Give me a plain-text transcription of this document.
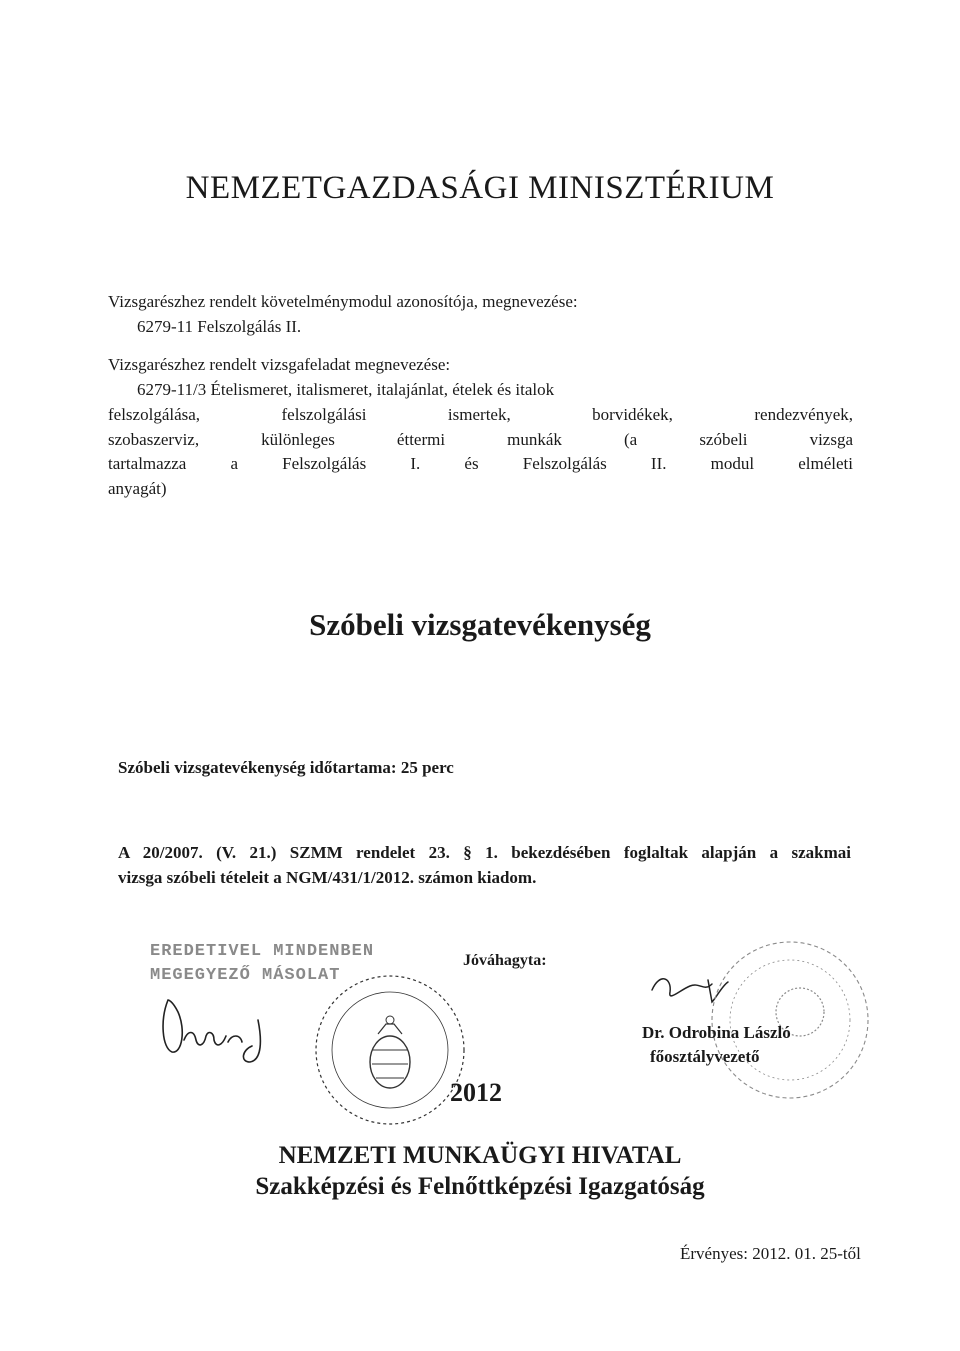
NEMZETGAZDASÁGI MINISZTÉRIUM
Vizsgarészhez rendelt követelménymodul azonosítója, megnevezése:
6279-11 Felszolgálás II.
Vizsgarészhez rendelt vizsgafeladat megnevezése:
6279-11/3 Ételismeret, italismeret, italajánlat, ételek és italok
felszolgálása, felszolgálási ismertek, borvidékek, rendezvények,
szobaszerviz, különleges éttermi munkák (a szóbeli vizsga
tartalmazza a Felszolgálás I. és Felszolgálás II. modul elméleti
anyagát)
Szóbeli vizsgatevékenység
Szóbeli vizsgatevékenység időtartama: 25 perc
A 20/2007. (V. 21.) SZMM rendelet 23. § 1. bekezdésében foglaltak alapján a szakmai
vizsga szóbeli tételeit a NGM/431/1/2012. számon kiadom.
EREDETIVEL MINDENBEN
MEGEGYEZŐ MÁSOLAT
Jóváhagyta:
Dr. Odrobina László
főosztályvezető
2012
NEMZETI MUNKAÜGYI HIVATAL
Szakképzési és Felnőttképzési Igazgatóság
Érvényes: 2012. 01. 25-től
